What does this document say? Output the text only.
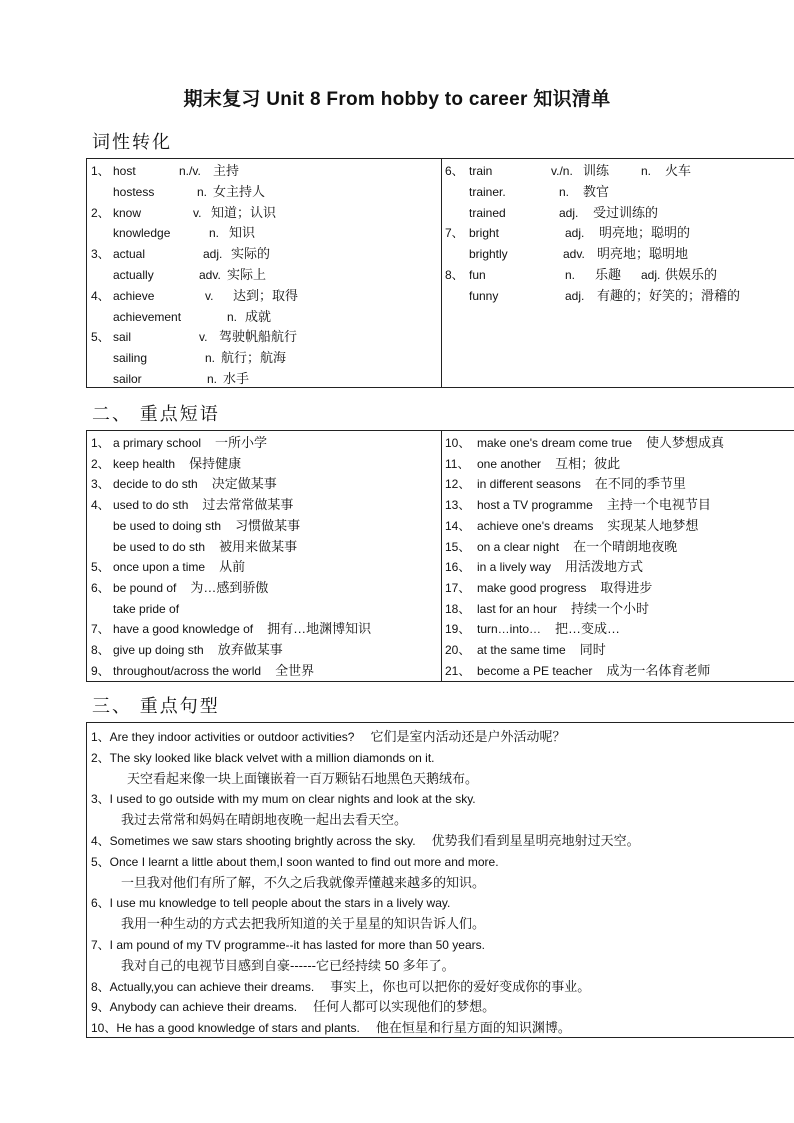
期末复习 Unit 8 From hobby to career 知识清单
词性转化
1、 host	n./v. 主持
hostess	n. 女主持人
2、 know	v. 知道；认识
knowledge	n. 知识
3、 actual	adj. 实际的
actually	adv. 实际上
4、 achieve	v. 达到；取得
achievement	n. 成就
5、 sail	v. 驾驶帆船航行
sailing	n. 航行；航海
sailor	n. 水手
6、 train	v./n. 训练	n. 火车
trainer.	n. 教官
trained	adj. 受过训练的
7、 bright	adj. 明亮地；聪明的
brightly	adv. 明亮地；聪明地
8、 fun	n. 乐趣 adj. 供娱乐的
funny	adj. 有趣的；好笑的；滑稽的
二、 重点短语
1、 a primary school 一所小学
2、 keep health 保持健康
3、 decide to do sth 决定做某事
4、 used to do sth 过去常常做某事
be used to doing sth 习惯做某事
be used to do sth 被用来做某事
5、 once upon a time 从前
6、 be pound of 为…感到骄傲
take pride of
7、 have a good knowledge of 拥有…地渊博知识
8、 give up doing sth 放弃做某事
9、 throughout/across the world 全世界
10、 make one's dream come true 使人梦想成真
11、 one another 互相；彼此
12、 in different seasons 在不同的季节里
13、 host a TV programme 主持一个电视节目
14、 achieve one's dreams 实现某人地梦想
15、 on a clear night 在一个晴朗地夜晚
16、 in a lively way 用活泼地方式
17、 make good progress 取得进步
18、 last for an hour 持续一个小时
19、 turn…into… 把…变成…
20、 at the same time 同时
21、 become a PE teacher 成为一名体育老师
三、 重点句型
1、Are they indoor activities or outdoor activities? 它们是室内活动还是户外活动呢？
2、The sky looked like black velvet with a million diamonds on it.
天空看起来像一块上面镶嵌着一百万颗钻石地黑色天鹅绒布。
3、I used to go outside with my mum on clear nights and look at the sky.
我过去常常和妈妈在晴朗地夜晚一起出去看天空。
4、Sometimes we saw stars shooting brightly across the sky. 优势我们看到星星明亮地射过天空。
5、Once I learnt a little about them,I soon wanted to find out more and more.
一旦我对他们有所了解，不久之后我就像弄懂越来越多的知识。
6、I use mu knowledge to tell people about the stars in a lively way.
我用一种生动的方式去把我所知道的关于星星的知识告诉人们。
7、I am pound of my TV programme--it has lasted for more than 50 years.
我对自己的电视节目感到自豪------它已经持续 50 多年了。
8、Actually,you can achieve their dreams. 事实上，你也可以把你的爱好变成你的事业。
9、Anybody can achieve their dreams. 任何人都可以实现他们的梦想。
10、He has a good knowledge of stars and plants. 他在恒星和行星方面的知识渊博。
